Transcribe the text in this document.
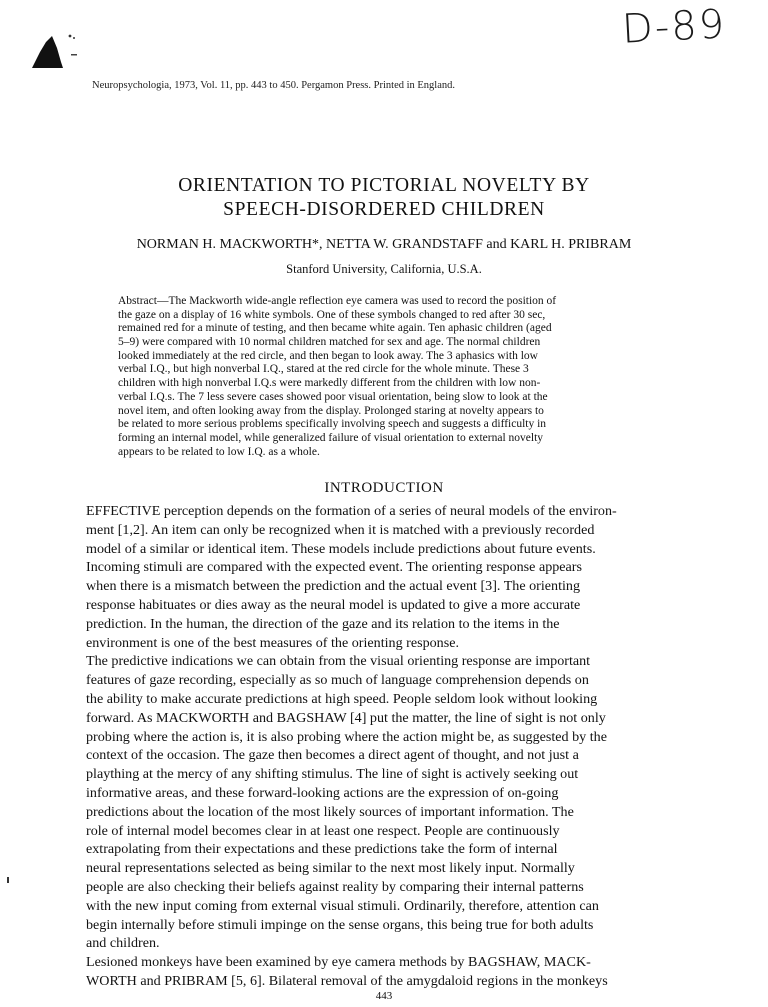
D-89
Neuropsychologia, 1973, Vol. 11, pp. 443 to 450. Pergamon Press. Printed in England.
ORIENTATION TO PICTORIAL NOVELTY BY
SPEECH-DISORDERED CHILDREN
NORMAN H. MACKWORTH*, NETTA W. GRANDSTAFF and KARL H. PRIBRAM
Stanford University, California, U.S.A.
Abstract—The Mackworth wide-angle reflection eye camera was used to record the position of
the gaze on a display of 16 white symbols. One of these symbols changed to red after 30 sec,
remained red for a minute of testing, and then became white again. Ten aphasic children (aged
5–9) were compared with 10 normal children matched for sex and age. The normal children
looked immediately at the red circle, and then began to look away. The 3 aphasics with low
verbal I.Q., but high nonverbal I.Q., stared at the red circle for the whole minute. These 3
children with high nonverbal I.Q.s were markedly different from the children with low non-
verbal I.Q.s. The 7 less severe cases showed poor visual orientation, being slow to look at the
novel item, and often looking away from the display. Prolonged staring at novelty appears to
be related to more serious problems specifically involving speech and suggests a difficulty in
forming an internal model, while generalized failure of visual orientation to external novelty
appears to be related to low I.Q. as a whole.
INTRODUCTION
EFFECTIVE perception depends on the formation of a series of neural models of the environ-
ment [1,2]. An item can only be recognized when it is matched with a previously recorded
model of a similar or identical item. These models include predictions about future events.
Incoming stimuli are compared with the expected event. The orienting response appears
when there is a mismatch between the prediction and the actual event [3]. The orienting
response habituates or dies away as the neural model is updated to give a more accurate
prediction. In the human, the direction of the gaze and its relation to the items in the
environment is one of the best measures of the orienting response.
The predictive indications we can obtain from the visual orienting response are important
features of gaze recording, especially as so much of language comprehension depends on
the ability to make accurate predictions at high speed. People seldom look without looking
forward. As MACKWORTH and BAGSHAW [4] put the matter, the line of sight is not only
probing where the action is, it is also probing where the action might be, as suggested by the
context of the occasion. The gaze then becomes a direct agent of thought, and not just a
plaything at the mercy of any shifting stimulus. The line of sight is actively seeking out
informative areas, and these forward-looking actions are the expression of on-going
predictions about the location of the most likely sources of important information. The
role of internal model becomes clear in at least one respect. People are continuously
extrapolating from their expectations and these predictions take the form of internal
neural representations selected as being similar to the next most likely input. Normally
people are also checking their beliefs against reality by comparing their internal patterns
with the new input coming from external visual stimuli. Ordinarily, therefore, attention can
begin internally before stimuli impinge on the sense organs, this being true for both adults
and children.
Lesioned monkeys have been examined by eye camera methods by BAGSHAW, MACK-
WORTH and PRIBRAM [5, 6]. Bilateral removal of the amygdaloid regions in the monkeys
443
